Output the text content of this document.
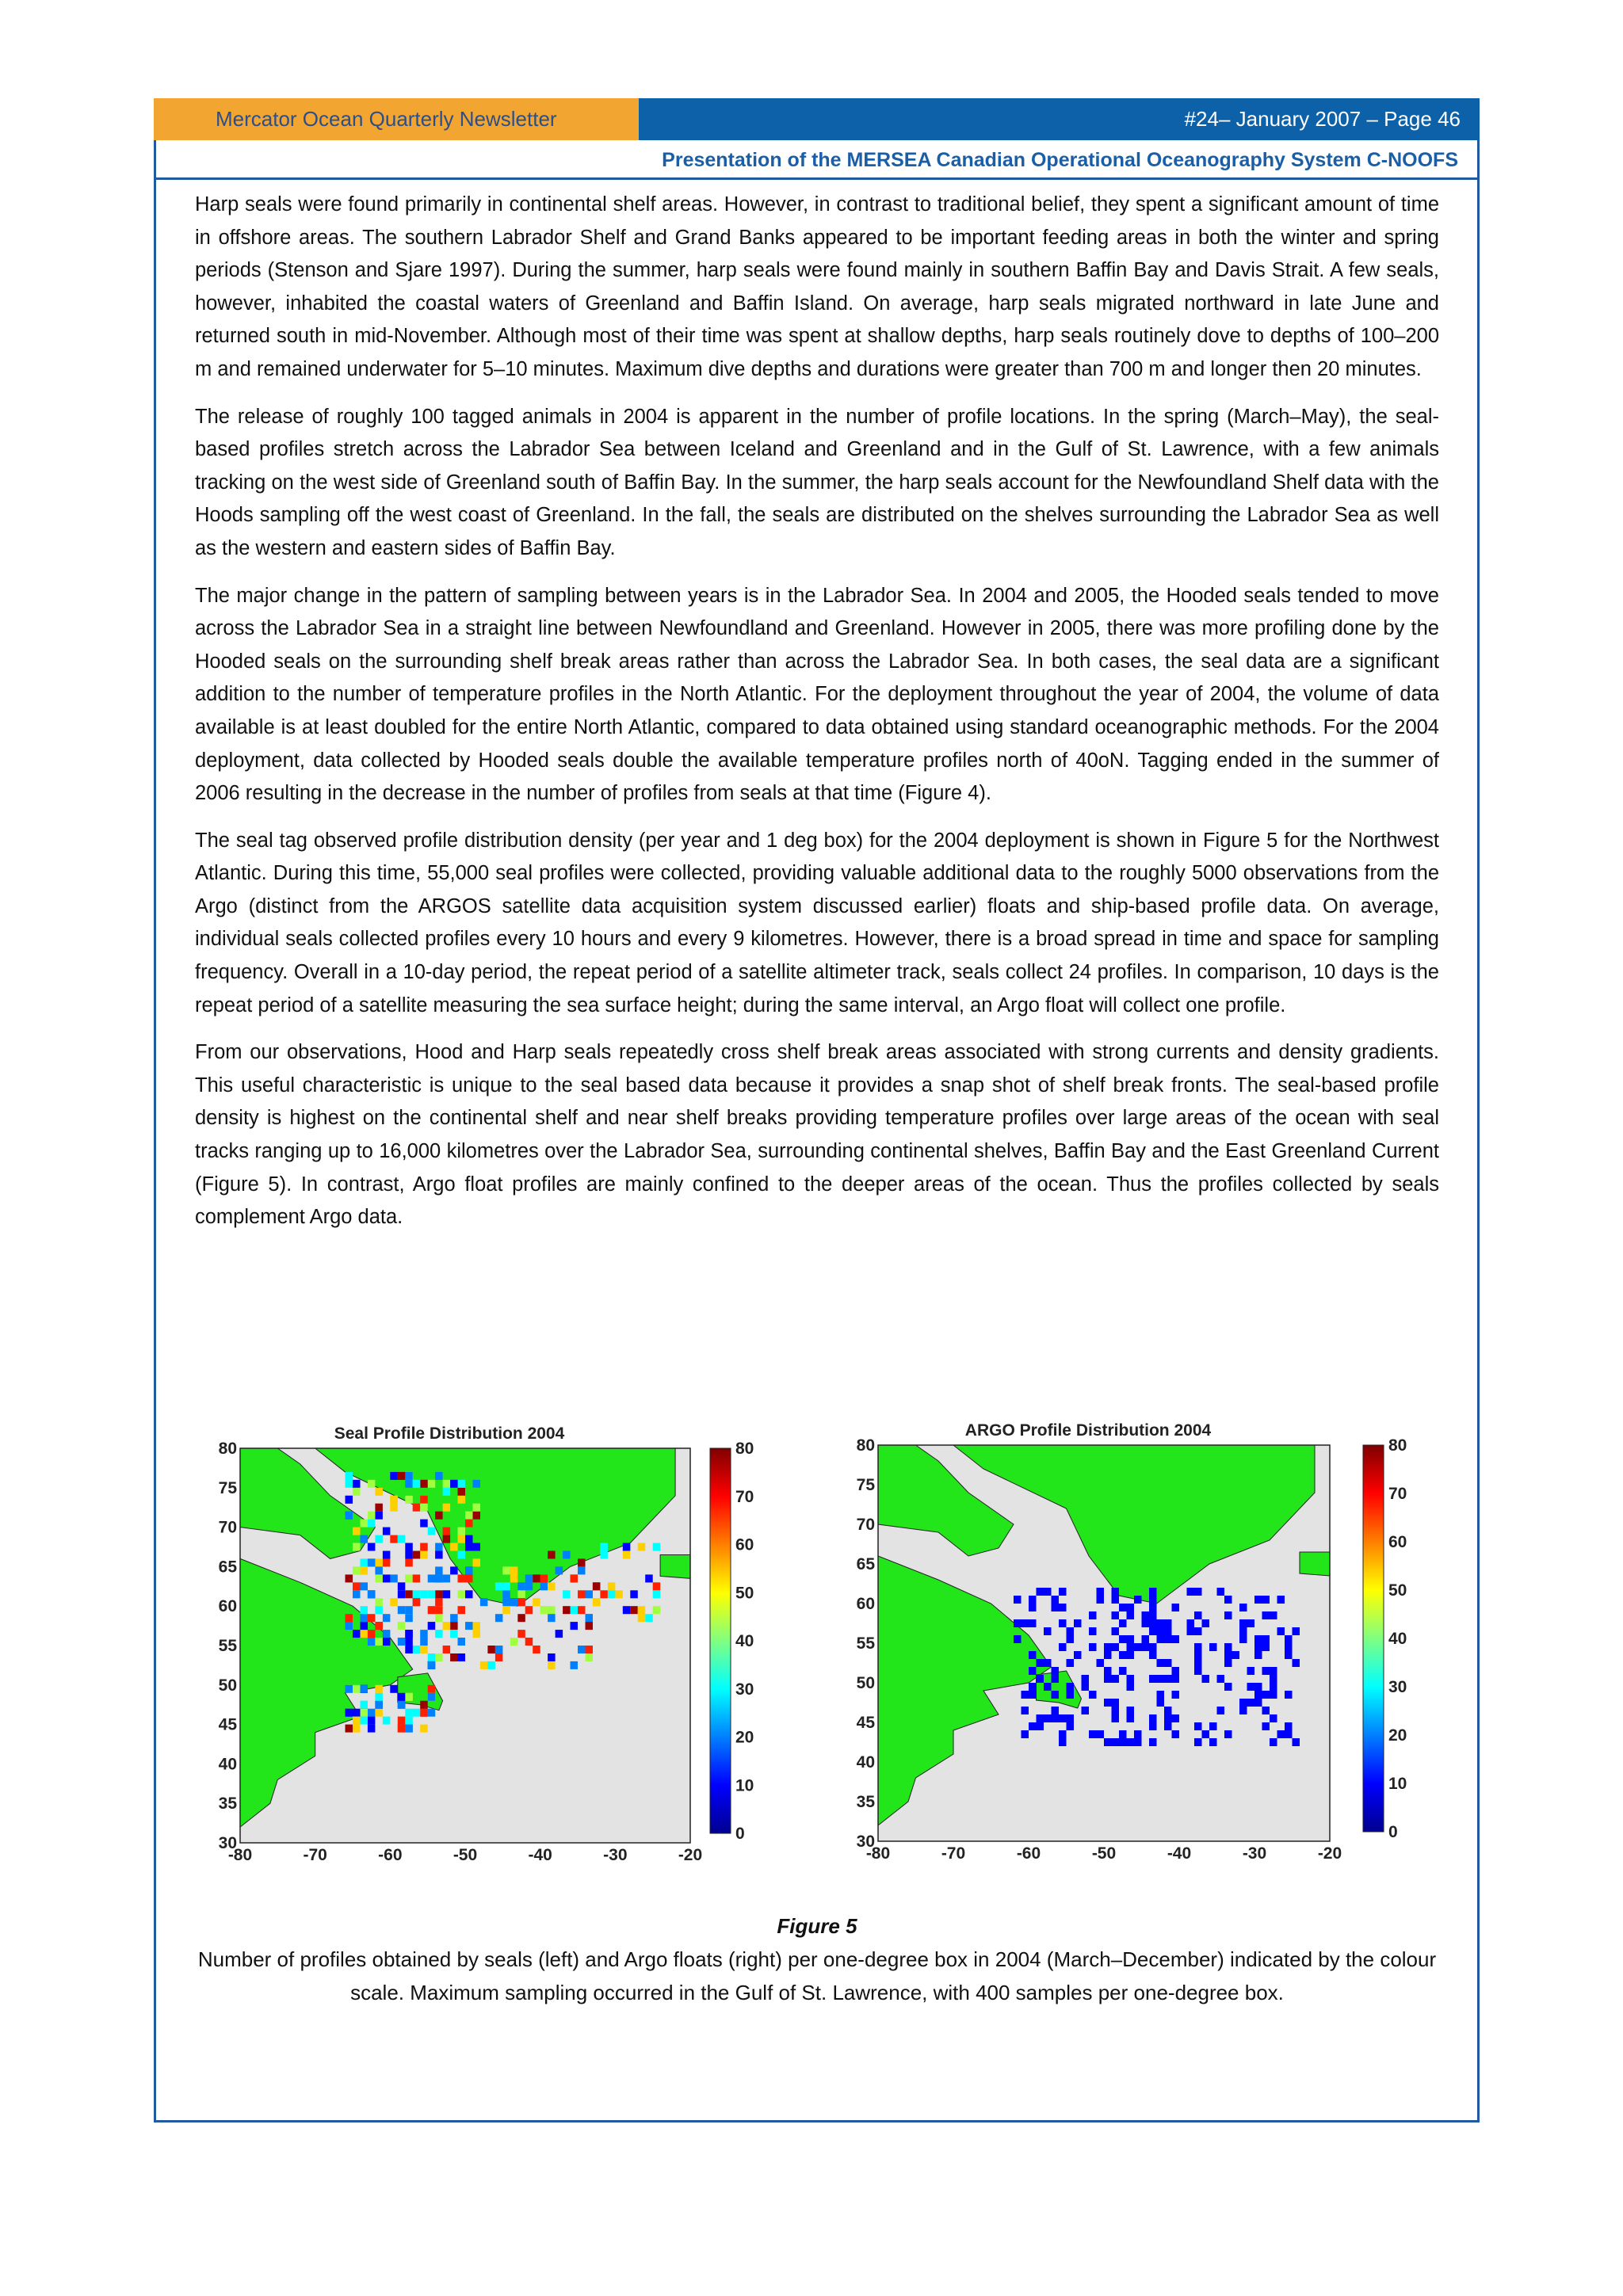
Mercator Ocean Quarterly Newsletter	#24– January 2007 – Page 46
Presentation of the MERSEA Canadian Operational Oceanography System C-NOOFS

Harp seals were found primarily in continental shelf areas. However, in contrast to traditional belief, they spent a significant amount of time in offshore areas. The southern Labrador Shelf and Grand Banks appeared to be important feeding areas in both the winter and spring periods (Stenson and Sjare 1997). During the summer, harp seals were found mainly in southern Baffin Bay and Davis Strait. A few seals, however, inhabited the coastal waters of Greenland and Baffin Island. On average, harp seals migrated northward in late June and returned south in mid-November. Although most of their time was spent at shallow depths, harp seals routinely dove to depths of 100–200 m and remained underwater for 5–10 minutes. Maximum dive depths and durations were greater than 700 m and longer then 20 minutes.

The release of roughly 100 tagged animals in 2004 is apparent in the number of profile locations. In the spring (March–May), the seal-based profiles stretch across the Labrador Sea between Iceland and Greenland and in the Gulf of St. Lawrence, with a few animals tracking on the west side of Greenland south of Baffin Bay. In the summer, the harp seals account for the Newfoundland Shelf data with the Hoods sampling off the west coast of Greenland. In the fall, the seals are distributed on the shelves surrounding the Labrador Sea as well as the western and eastern sides of Baffin Bay.

The major change in the pattern of sampling between years is in the Labrador Sea. In 2004 and 2005, the Hooded seals tended to move across the Labrador Sea in a straight line between Newfoundland and Greenland. However in 2005, there was more profiling done by the Hooded seals on the surrounding shelf break areas rather than across the Labrador Sea. In both cases, the seal data are a significant addition to the number of temperature profiles in the North Atlantic. For the deployment throughout the year of 2004, the volume of data available is at least doubled for the entire North Atlantic, compared to data obtained using standard oceanographic methods. For the 2004 deployment, data collected by Hooded seals double the available temperature profiles north of 40oN. Tagging ended in the summer of 2006 resulting in the decrease in the number of profiles from seals at that time (Figure 4).

The seal tag observed profile distribution density (per year and 1 deg box) for the 2004 deployment is shown in Figure 5 for the Northwest Atlantic. During this time, 55,000 seal profiles were collected, providing valuable additional data to the roughly 5000 observations from the Argo (distinct from the ARGOS satellite data acquisition system discussed earlier) floats and ship-based profile data. On average, individual seals collected profiles every 10 hours and every 9 kilometres. However, there is a broad spread in time and space for sampling frequency. Overall in a 10-day period, the repeat period of a satellite altimeter track, seals collect 24 profiles. In comparison, 10 days is the repeat period of a satellite measuring the sea surface height; during the same interval, an Argo float will collect one profile.

From our observations, Hood and Harp seals repeatedly cross shelf break areas associated with strong currents and density gradients. This useful characteristic is unique to the seal based data because it provides a snap shot of shelf break fronts. The seal-based profile density is highest on the continental shelf and near shelf breaks providing temperature profiles over large areas of the ocean with seal tracks ranging up to 16,000 kilometres over the Labrador Sea, surrounding continental shelves, Baffin Bay and the East Greenland Current (Figure 5). In contrast, Argo float profiles are mainly confined to the deeper areas of the ocean. Thus the profiles collected by seals complement Argo data.

Seal Profile Distribution 2004
80
75
70
65
60
55
50
45
40
35
30
-80	-70	-60	-50	-40	-30	-20
80
70
60
50
40
30
20
10
0
ARGO Profile Distribution 2004
80
75
70
65
60
55
50
45
40
35
30
-80	-70	-60	-50	-40	-30	-20
80
70
60
50
40
30
20
10
0
Figure 5
Number of profiles obtained by seals (left) and Argo floats (right) per one-degree box in 2004 (March–December) indicated by the colour scale. Maximum sampling occurred in the Gulf of St. Lawrence, with 400 samples per one-degree box.
